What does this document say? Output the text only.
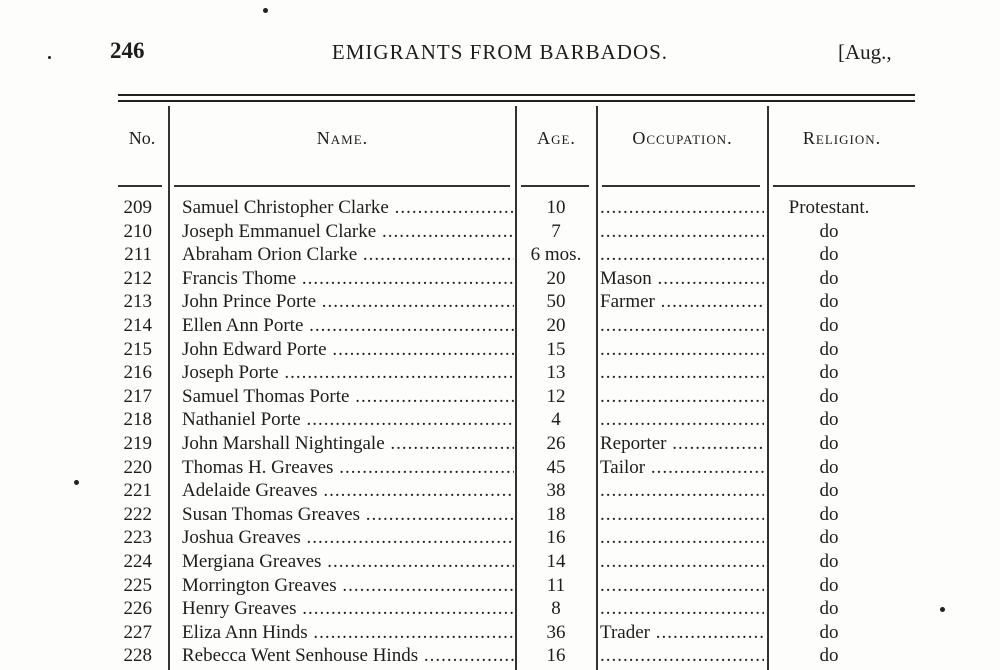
246	EMIGRANTS FROM BARBADOS.	[Aug.,
No.	Name.	Age.	Occupation.	Religion.
209 Samuel Christopher Clarke .....	10 .....	Protestant.
210 Joseph Emmanuel Clarke .....	7 .....	do
211 Abraham Orion Clarke .....	6 mos. .....	do
212 Francis Thome .....	20	Mason .....	do
213 John Prince Porte .....	50	Farmer .....	do
214 Ellen Ann Porte .....	20 .....	do
215 John Edward Porte .....	15 .....	do
216 Joseph Porte .....	13 .....	do
217 Samuel Thomas Porte .....	12 .....	do
218 Nathaniel Porte .....	4 .....	do
219 John Marshall Nightingale .....	26	Reporter .....	do
220 Thomas H. Greaves .....	45	Tailor .....	do
221 Adelaide Greaves .....	38 .....	do
222 Susan Thomas Greaves .....	18 .....	do
223 Joshua Greaves .....	16 .....	do
224 Mergiana Greaves .....	14 .....	do
225 Morrington Greaves .....	11 .....	do
226 Henry Greaves .....	8 .....	do
227 Eliza Ann Hinds .....	36	Trader .....	do
228 Rebecca Went Senhouse Hinds .....	16 .....	do
